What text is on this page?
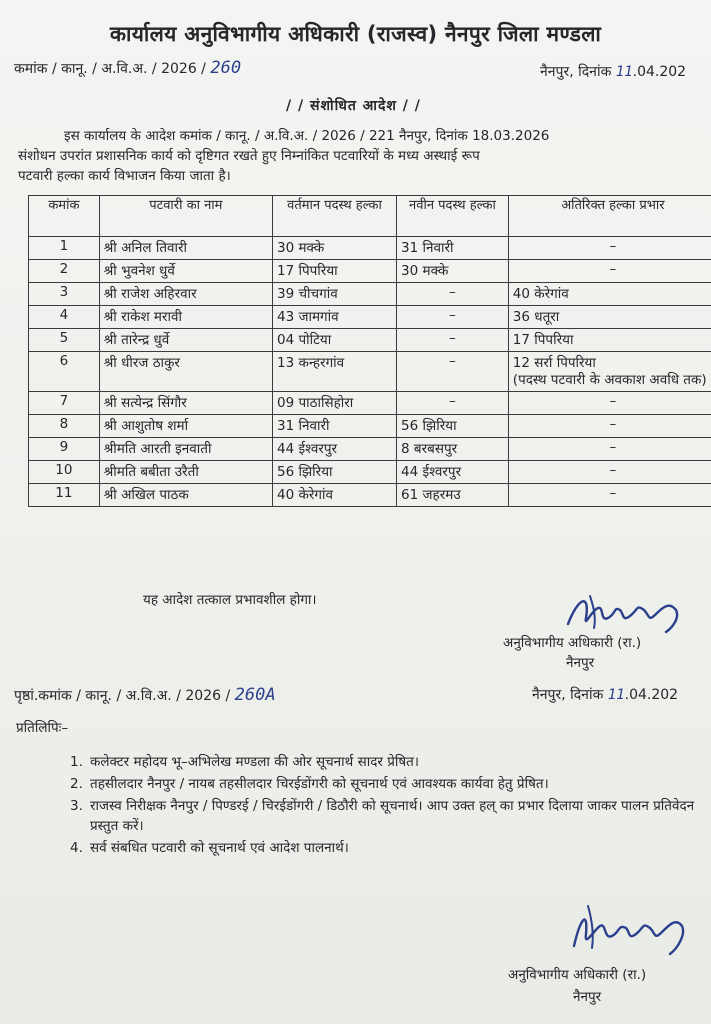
कार्यालय अनुविभागीय अधिकारी (राजस्व) नैनपुर जिला मण्डला
कमांक / कानू. / अ.वि.अ. / 2026 / 260	नैनपुर, दिनांक 11.04.202
/ / संशोधित आदेश / /
इस कार्यालय के आदेश कमांक / कानू. / अ.वि.अ. / 2026 / 221 नैनपुर, दिनांक 18.03.2026
संशोधन उपरांत प्रशासनिक कार्य को दृष्टिगत रखते हुए निम्नांकित पटवारियों के मध्य अस्थाई रूप
पटवारी हल्का कार्य विभाजन किया जाता है।
कमांक	पटवारी का नाम	वर्तमान पदस्थ हल्का	नवीन पदस्थ हल्का	अतिरिक्त हल्का प्रभार
1	श्री अनिल तिवारी	30 मक्के	31 निवारी	–
2	श्री भुवनेश धुर्वे	17 पिपरिया	30 मक्के	–
3	श्री राजेश अहिरवार	39 चीचगांव	–	40 केरेगांव
4	श्री राकेश मरावी	43 जामगांव	–	36 धतूरा
5	श्री तारेन्द्र धुर्वे	04 पोटिया	–	17 पिपरिया
6	श्री धीरज ठाकुर	13 कन्हरगांव	–	12 सर्रा पिपरिया
(पदस्थ पटवारी के अवकाश अवधि तक)

7	श्री सत्येन्द्र सिंगौर	09 पाठासिहोरा	–	–
8	श्री आशुतोष शर्मा	31 निवारी	56 झिरिया	–
9	श्रीमति आरती इनवाती	44 ईश्वरपुर	8 बरबसपुर	–
10	श्रीमति बबीता उरैती	56 झिरिया	44 ईश्वरपुर	–
11	श्री अखिल पाठक	40 केरेगांव	61 जहरमउ	–
यह आदेश तत्काल प्रभावशील होगा।
अनुविभागीय अधिकारी (रा.)
नैनपुर
पृष्ठां.कमांक / कानू. / अ.वि.अ. / 2026 / 260A	नैनपुर, दिनांक 11.04.202
प्रतिलिपिः–
1. कलेक्टर महोदय भू–अभिलेख मण्डला की ओर सूचनार्थ सादर प्रेषित।
2. तहसीलदार नैनपुर / नायब तहसीलदार चिरईडोंगरी को सूचनार्थ एवं आवश्यक कार्यवा हेतु प्रेषित।
3. राजस्व निरीक्षक नैनपुर / पिण्डरई / चिरईडोंगरी / डिठौरी को सूचनार्थ। आप उक्त हल् का प्रभार दिलाया जाकर पालन प्रतिवेदन प्रस्तुत करें।
4. सर्व संबधित पटवारी को सूचनार्थ एवं आदेश पालनार्थ।
अनुविभागीय अधिकारी (रा.)
नैनपुर
